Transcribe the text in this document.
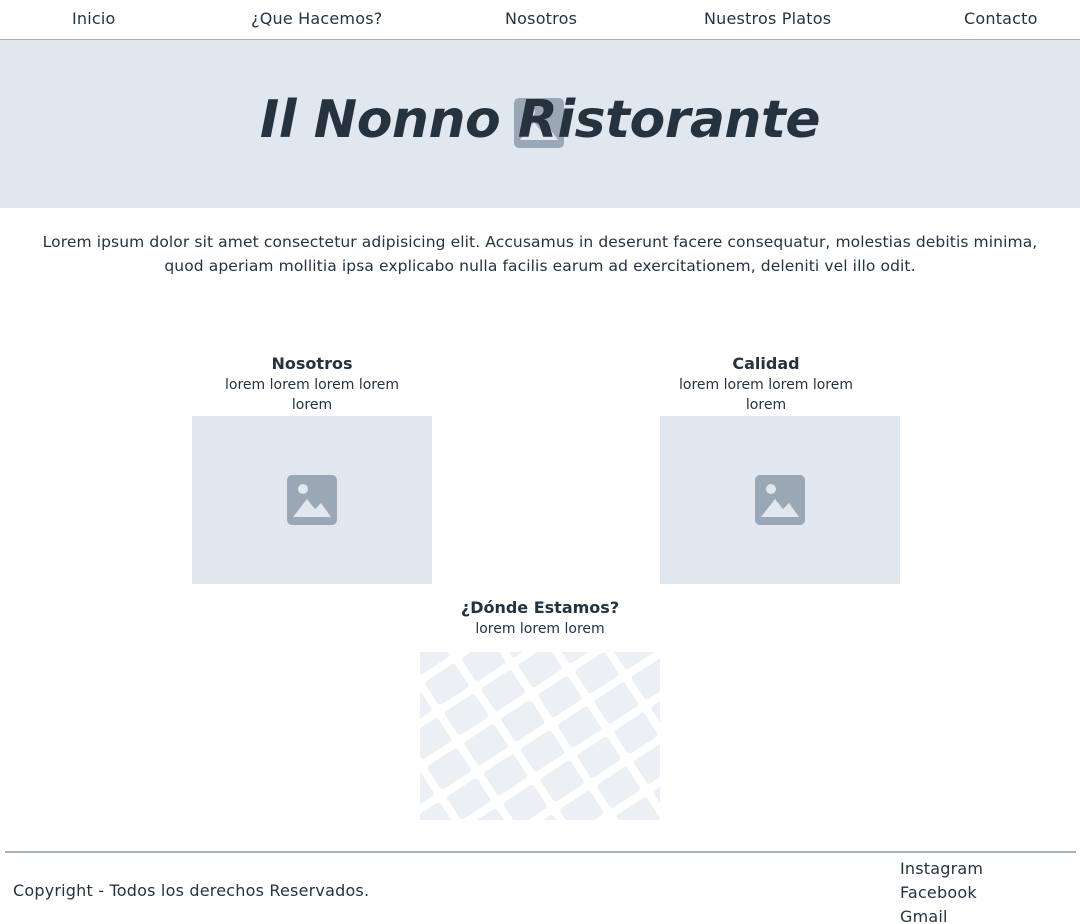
Inicio	¿Que Hacemos?	Nosotros	Nuestros Platos	Contacto
Il Nonno Ristorante

Lorem ipsum dolor sit amet consectetur adipisicing elit. Accusamus in deserunt facere consequatur, molestias debitis minima, quod aperiam mollitia ipsa explicabo nulla facilis earum ad exercitationem, deleniti vel illo odit.

Nosotros
lorem lorem lorem lorem lorem
Calidad
lorem lorem lorem lorem lorem
¿Dónde Estamos?
lorem lorem lorem
Copyright - Todos los derechos Reservados.
Instagram
Facebook
Gmail
